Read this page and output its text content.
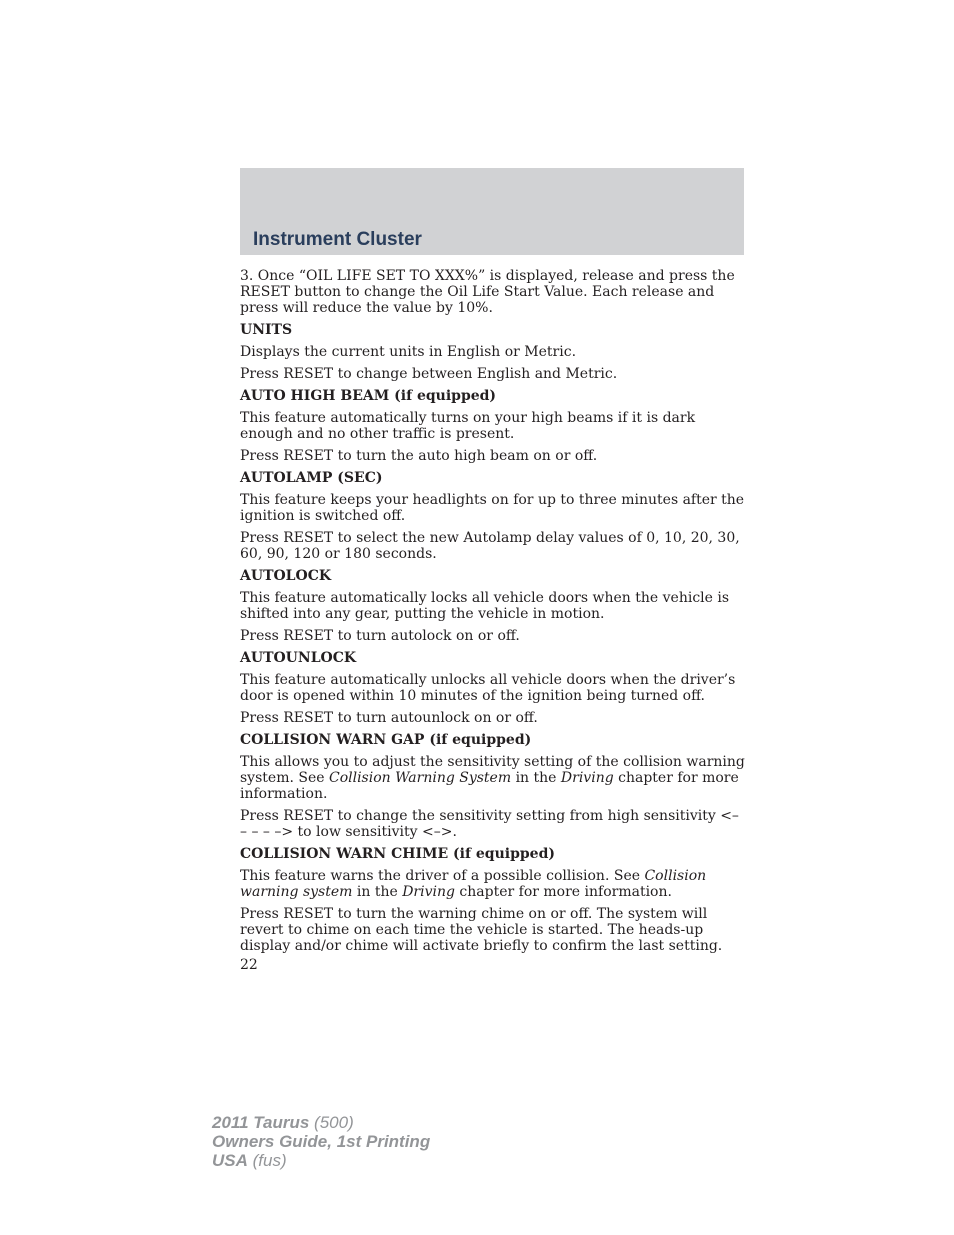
Instrument Cluster

3. Once “OIL LIFE SET TO XXX%” is displayed, release and press the RESET button to change the Oil Life Start Value. Each release and press will reduce the value by 10%.

UNITS

Displays the current units in English or Metric.

Press RESET to change between English and Metric.

AUTO HIGH BEAM (if equipped)

This feature automatically turns on your high beams if it is dark enough and no other traffic is present.

Press RESET to turn the auto high beam on or off.

AUTOLAMP (SEC)

This feature keeps your headlights on for up to three minutes after the ignition is switched off.

Press RESET to select the new Autolamp delay values of 0, 10, 20, 30, 60, 90, 120 or 180 seconds.

AUTOLOCK

This feature automatically locks all vehicle doors when the vehicle is shifted into any gear, putting the vehicle in motion.

Press RESET to turn autolock on or off.

AUTOUNLOCK

This feature automatically unlocks all vehicle doors when the driver’s door is opened within 10 minutes of the ignition being turned off.

Press RESET to turn autounlock on or off.

COLLISION WARN GAP (if equipped)

This allows you to adjust the sensitivity setting of the collision warning system. See Collision Warning System in the Driving chapter for more information.

Press RESET to change the sensitivity setting from high sensitivity <– – – – –> to low sensitivity <–>.

COLLISION WARN CHIME (if equipped)

This feature warns the driver of a possible collision. See Collision warning system in the Driving chapter for more information.

Press RESET to turn the warning chime on or off. The system will revert to chime on each time the vehicle is started. The heads-up display and/or chime will activate briefly to confirm the last setting.

22
2011 Taurus (500)
Owners Guide, 1st Printing
USA (fus)
